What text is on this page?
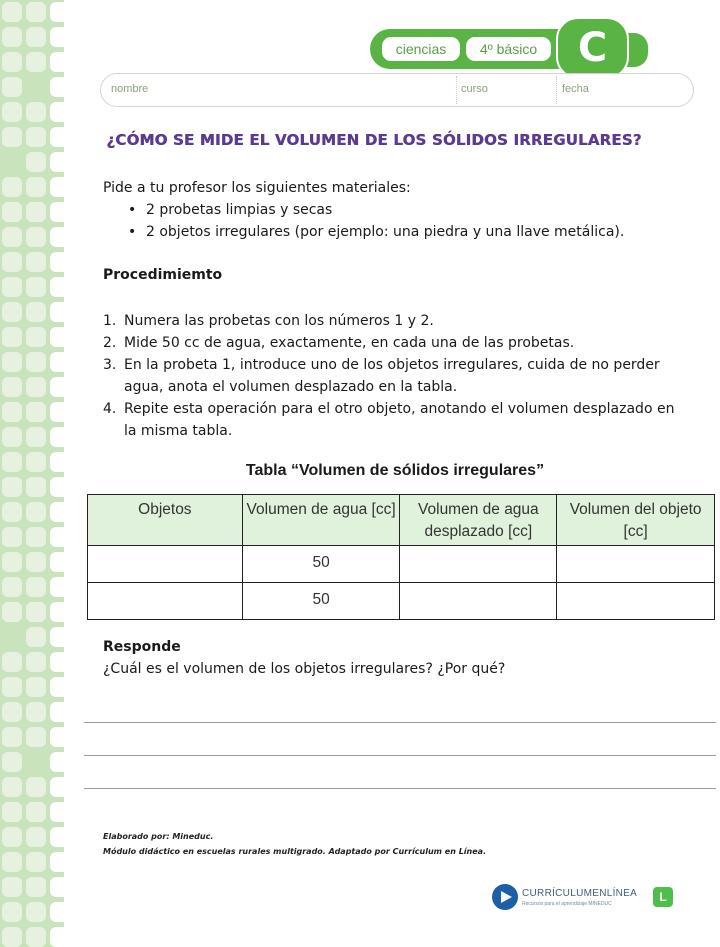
ciencias	4º básico	C
nombre	curso	fecha
¿CÓMO SE MIDE EL VOLUMEN DE LOS SÓLIDOS IRREGULARES?
Pide a tu profesor los siguientes materiales:
• 2 probetas limpias y secas
• 2 objetos irregulares (por ejemplo: una piedra y una llave metálica).
Procedimiemto
1. Numera las probetas con los números 1 y 2.
2. Mide 50 cc de agua, exactamente, en cada una de las probetas.
3. En la probeta 1, introduce uno de los objetos irregulares, cuida de no perder agua, anota el volumen desplazado en la tabla.
4. Repite esta operación para el otro objeto, anotando el volumen desplazado en la misma tabla.
Tabla “Volumen de sólidos irregulares”
Objetos	Volumen de agua [cc]	Volumen de agua desplazado [cc]	Volumen del objeto [cc]
	50		
	50		
Responde
¿Cuál es el volumen de los objetos irregulares? ¿Por qué?
Elaborado por: Mineduc.
Módulo didáctico en escuelas rurales multigrado. Adaptado por Currículum en Línea.
CURRÍCULUMENLÍNEA
Recursos para el aprendizaje MINEDUC	L
